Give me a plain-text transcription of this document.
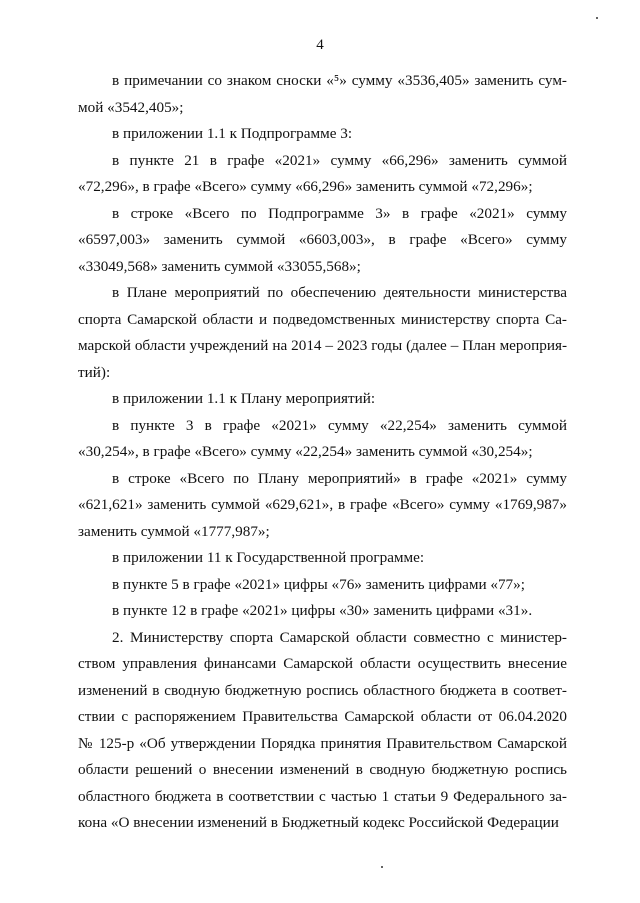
4
в примечании со знаком сноски «⁵» сумму «3536,405» заменить сум-
мой «3542,405»;
в приложении 1.1 к Подпрограмме 3:
в пункте 21 в графе «2021» сумму «66,296» заменить суммой
«72,296», в графе «Всего» сумму «66,296» заменить суммой «72,296»;
в строке «Всего по Подпрограмме 3» в графе «2021» сумму
«6597,003» заменить суммой «6603,003», в графе «Всего» сумму
«33049,568» заменить суммой «33055,568»;
в Плане мероприятий по обеспечению деятельности министерства
спорта Самарской области и подведомственных министерству спорта Са-
марской области учреждений на 2014 – 2023 годы (далее – План мероприя-
тий):
в приложении 1.1 к Плану мероприятий:
в пункте 3 в графе «2021» сумму «22,254» заменить суммой
«30,254», в графе «Всего» сумму «22,254» заменить суммой «30,254»;
в строке «Всего по Плану мероприятий» в графе «2021» сумму
«621,621» заменить суммой «629,621», в графе «Всего» сумму «1769,987»
заменить суммой «1777,987»;
в приложении 11 к Государственной программе:
в пункте 5 в графе «2021» цифры «76» заменить цифрами «77»;
в пункте 12 в графе «2021» цифры «30» заменить цифрами «31».
2. Министерству спорта Самарской области совместно с министер-
ством управления финансами Самарской области осуществить внесение
изменений в сводную бюджетную роспись областного бюджета в соответ-
ствии с распоряжением Правительства Самарской области от 06.04.2020
№ 125-р «Об утверждении Порядка принятия Правительством Самарской
области решений о внесении изменений в сводную бюджетную роспись
областного бюджета в соответствии с частью 1 статьи 9 Федерального за-
кона «О внесении изменений в Бюджетный кодекс Российской Федерации
